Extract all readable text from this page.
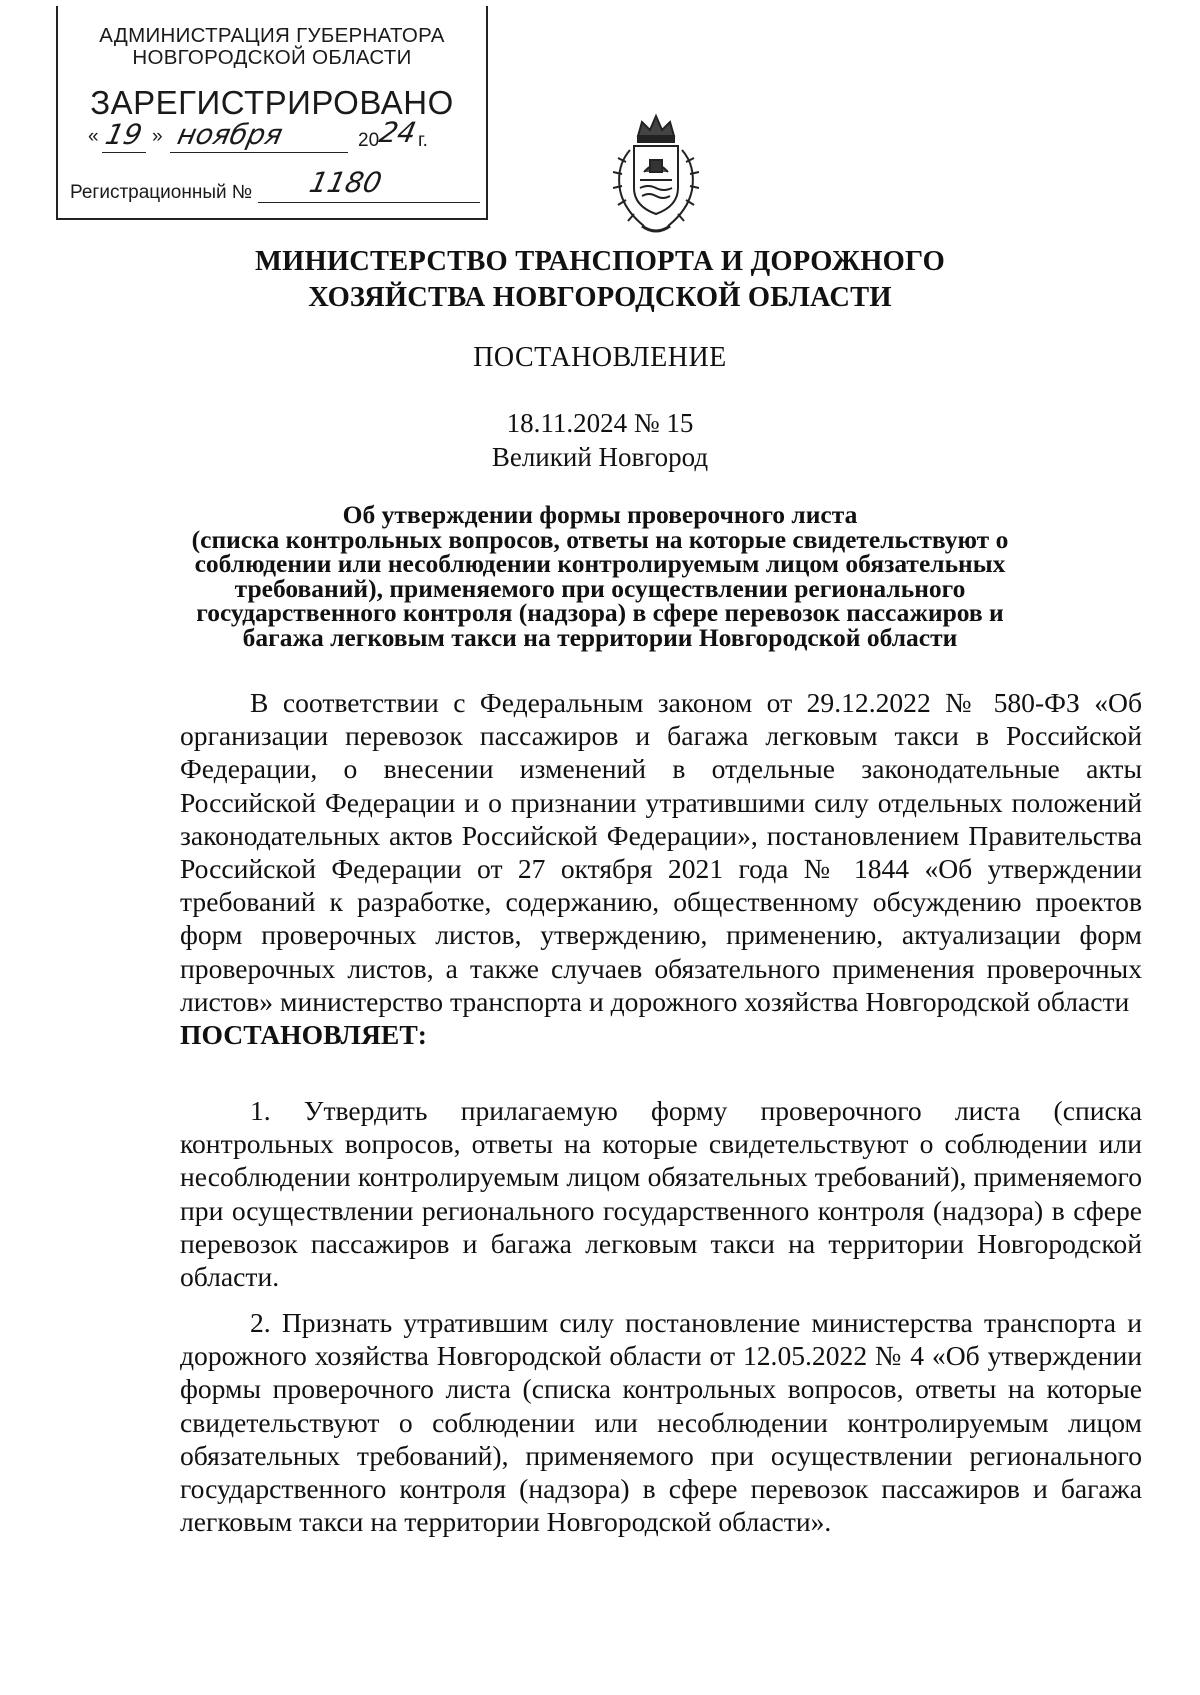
АДМИНИСТРАЦИЯ ГУБЕРНАТОРА
НОВГОРОДСКОЙ ОБЛАСТИ
ЗАРЕГИСТРИРОВАНО
« 19 » ноября	20
24
г.
Регистрационный № 1180
МИНИСТЕРСТВО ТРАНСПОРТА И ДОРОЖНОГО
ХОЗЯЙСТВА НОВГОРОДСКОЙ ОБЛАСТИ
ПОСТАНОВЛЕНИЕ
18.11.2024 № 15
Великий Новгород
Об утверждении формы проверочного листа
(списка контрольных вопросов, ответы на которые свидетельствуют о
соблюдении или несоблюдении контролируемым лицом обязательных
требований), применяемого при осуществлении регионального
государственного контроля (надзора) в сфере перевозок пассажиров и
багажа легковым такси на территории Новгородской области
В соответствии с Федеральным законом от 29.12.2022 № 580-ФЗ «Об организации перевозок пассажиров и багажа легковым такси в Российской Федерации, о внесении изменений в отдельные законодательные акты Российской Федерации и о признании утратившими силу отдельных положений законодательных актов Российской Федерации», постановлением Правительства Российской Федерации от 27 октября 2021 года № 1844 «Об утверждении требований к разработке, содержанию, общественному обсуждению проектов форм проверочных листов, утверждению, применению, актуализации форм проверочных листов, а также случаев обязательного применения проверочных листов» министерство транспорта и дорожного хозяйства Новгородской области
ПОСТАНОВЛЯЕТ:
1. Утвердить прилагаемую форму проверочного листа (списка контрольных вопросов, ответы на которые свидетельствуют о соблюдении или несоблюдении контролируемым лицом обязательных требований), применяемого при осуществлении регионального государственного контроля (надзора) в сфере перевозок пассажиров и багажа легковым такси на территории Новгородской области.
2. Признать утратившим силу постановление министерства транспорта и дорожного хозяйства Новгородской области от 12.05.2022 № 4 «Об утверждении формы проверочного листа (списка контрольных вопросов, ответы на которые свидетельствуют о соблюдении или несоблюдении контролируемым лицом обязательных требований), применяемого при осуществлении регионального государственного контроля (надзора) в сфере перевозок пассажиров и багажа легковым такси на территории Новгородской области».
